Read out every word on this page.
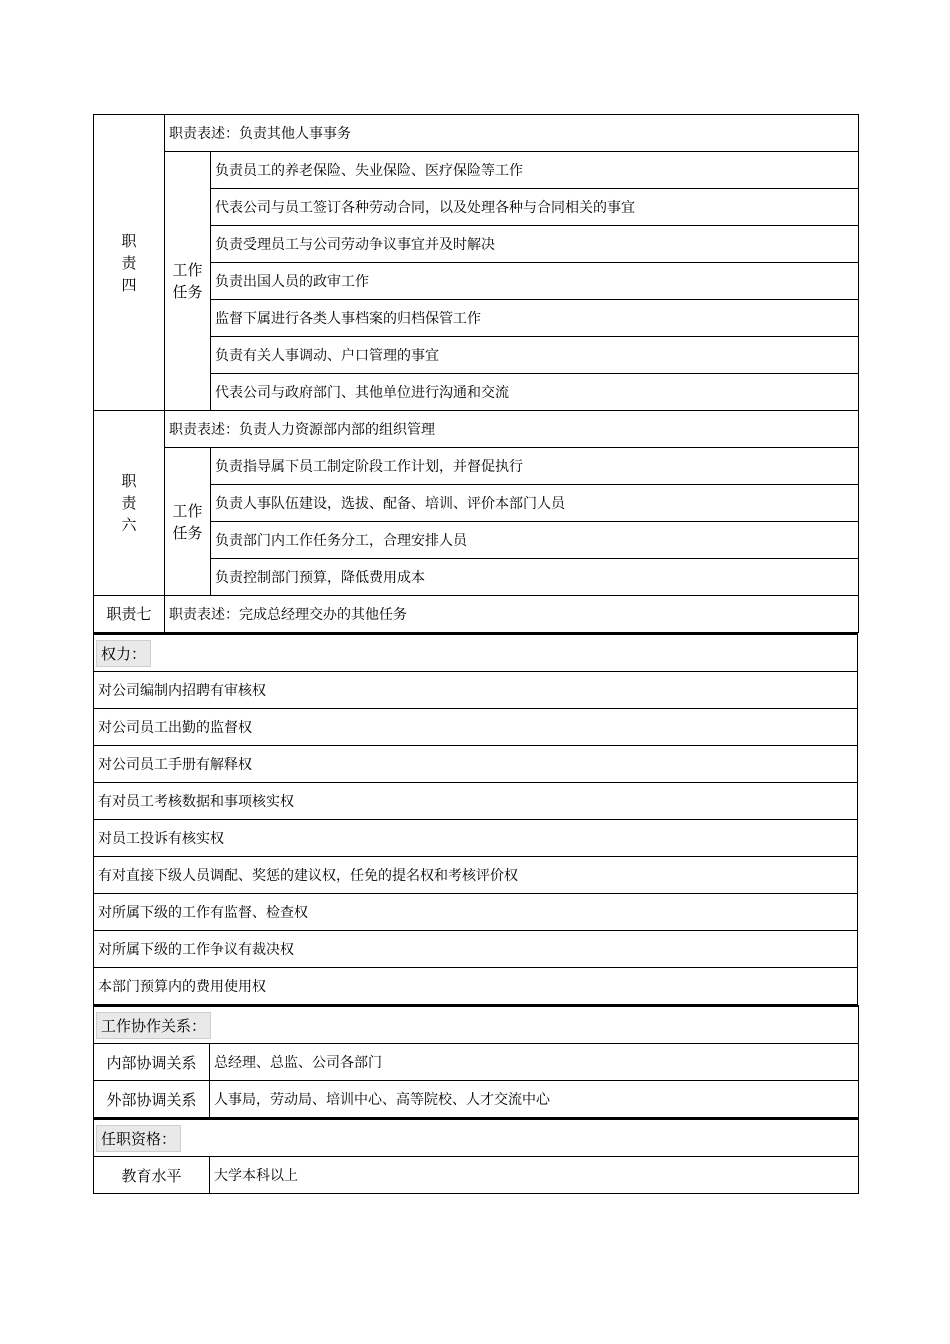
职
责
四	职责表述：负责其他人事事务	
	工作
任务	负责员工的养老保险、失业保险、医疗保险等工作
		代表公司与员工签订各种劳动合同，以及处理各种与合同相关的事宜
		负责受理员工与公司劳动争议事宜并及时解决
		负责出国人员的政审工作
		监督下属进行各类人事档案的归档保管工作
		负责有关人事调动、户口管理的事宜
		代表公司与政府部门、其他单位进行沟通和交流
职
责
六	职责表述：负责人力资源部内部的组织管理	
	工作
任务	负责指导属下员工制定阶段工作计划，并督促执行
		负责人事队伍建设，选拔、配备、培训、评价本部门人员
		负责部门内工作任务分工，合理安排人员
		负责控制部门预算，降低费用成本
职责七	职责表述：完成总经理交办的其他任务	
权力：
对公司编制内招聘有审核权
对公司员工出勤的监督权
对公司员工手册有解释权
有对员工考核数据和事项核实权
对员工投诉有核实权
有对直接下级人员调配、奖惩的建议权，任免的提名权和考核评价权
对所属下级的工作有监督、检查权
对所属下级的工作争议有裁决权
本部门预算内的费用使用权
工作协作关系：	
内部协调关系	总经理、总监、公司各部门
外部协调关系	人事局，劳动局、培训中心、高等院校、人才交流中心
任职资格：
教育水平	大学本科以上
